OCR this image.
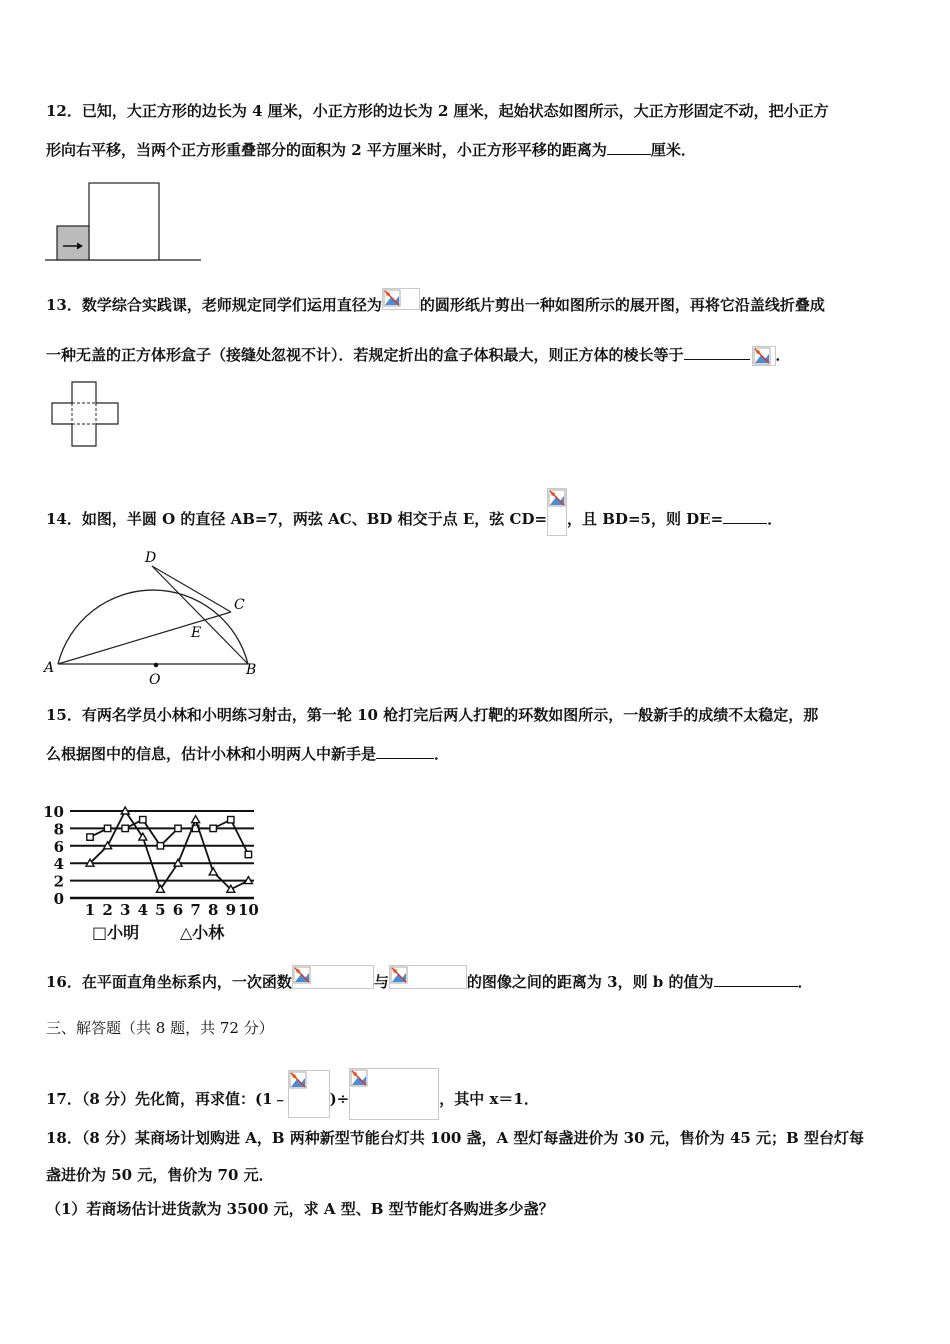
12．已知，大正方形的边长为 4 厘米，小正方形的边长为 2 厘米，起始状态如图所示，大正方形固定不动，把小正方
形向右平移，当两个正方形重叠部分的面积为 2 平方厘米时，小正方形平移的距离为	厘米．
13．数学综合实践课，老师规定同学们运用直径为	的圆形纸片剪出一种如图所示的展开图，再将它沿盖线折叠成
一种无盖的正方体形盒子（接缝处忽视不计）．若规定折出的盒子体积最大，则正方体的棱长等于	．
14．如图，半圆 O 的直径 AB=7，两弦 AC、BD 相交于点 E，弦 CD= ，且 BD=5，则 DE=	．
A	B
C
D
E
O
15．有两名学员小林和小明练习射击，第一轮 10 枪打完后两人打靶的环数如图所示，一般新手的成绩不太稳定，那
么根据图中的信息，估计小林和小明两人中新手是	．
0
2
4
6
8
10
1 2 3 4 5 6 7 8 9 10
□小明	△小林
16．在平面直角坐标系内，一次函数	与	的图像之间的距离为 3，则 b 的值为	．
三、解答题（共 8 题，共 72 分）
17．（8 分）先化简，再求值：(1﹣	)÷	，其中 x＝1．
18．（8 分）某商场计划购进 A，B 两种新型节能台灯共 100 盏，A 型灯每盏进价为 30 元，售价为 45 元；B 型台灯每
盏进价为 50 元，售价为 70 元．
（1）若商场估计进货款为 3500 元，求 A 型、B 型节能灯各购进多少盏？
